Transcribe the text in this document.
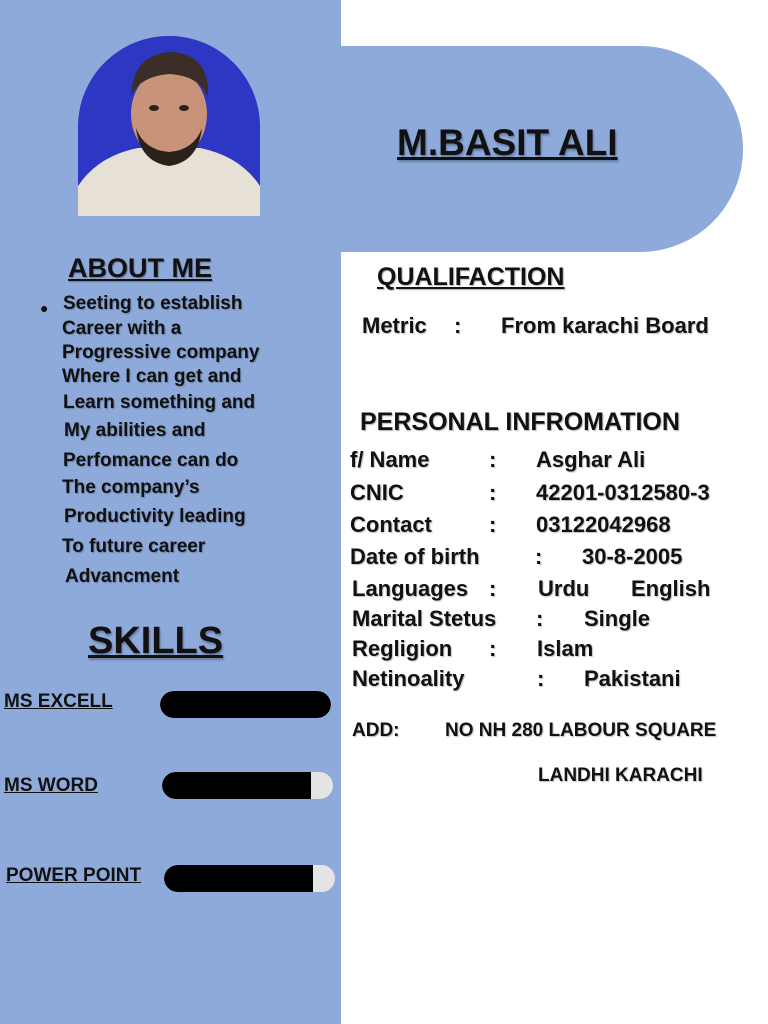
M.BASIT ALI
ABOUT ME
● Seeting to establish
Career with a
Progressive company
Where I can get and
Learn something and
My abilities and
Perfomance can do
The company’s
Productivity leading
To future career
Advancment
SKILLS
MS EXCELL
MS WORD
POWER POINT
QUALIFACTION
Metric : From karachi Board
PERSONAL INFROMATION
f/ Name	: Asghar Ali
CNIC	: 42201-0312580-3
Contact	: 03122042968
Date of birth	: 30-8-2005
Languages : Urdu English
Marital Stetus : Single
Regligion : Islam
Netinoality	: Pakistani
ADD: NO NH 280 LABOUR SQUARE
LANDHI KARACHI
